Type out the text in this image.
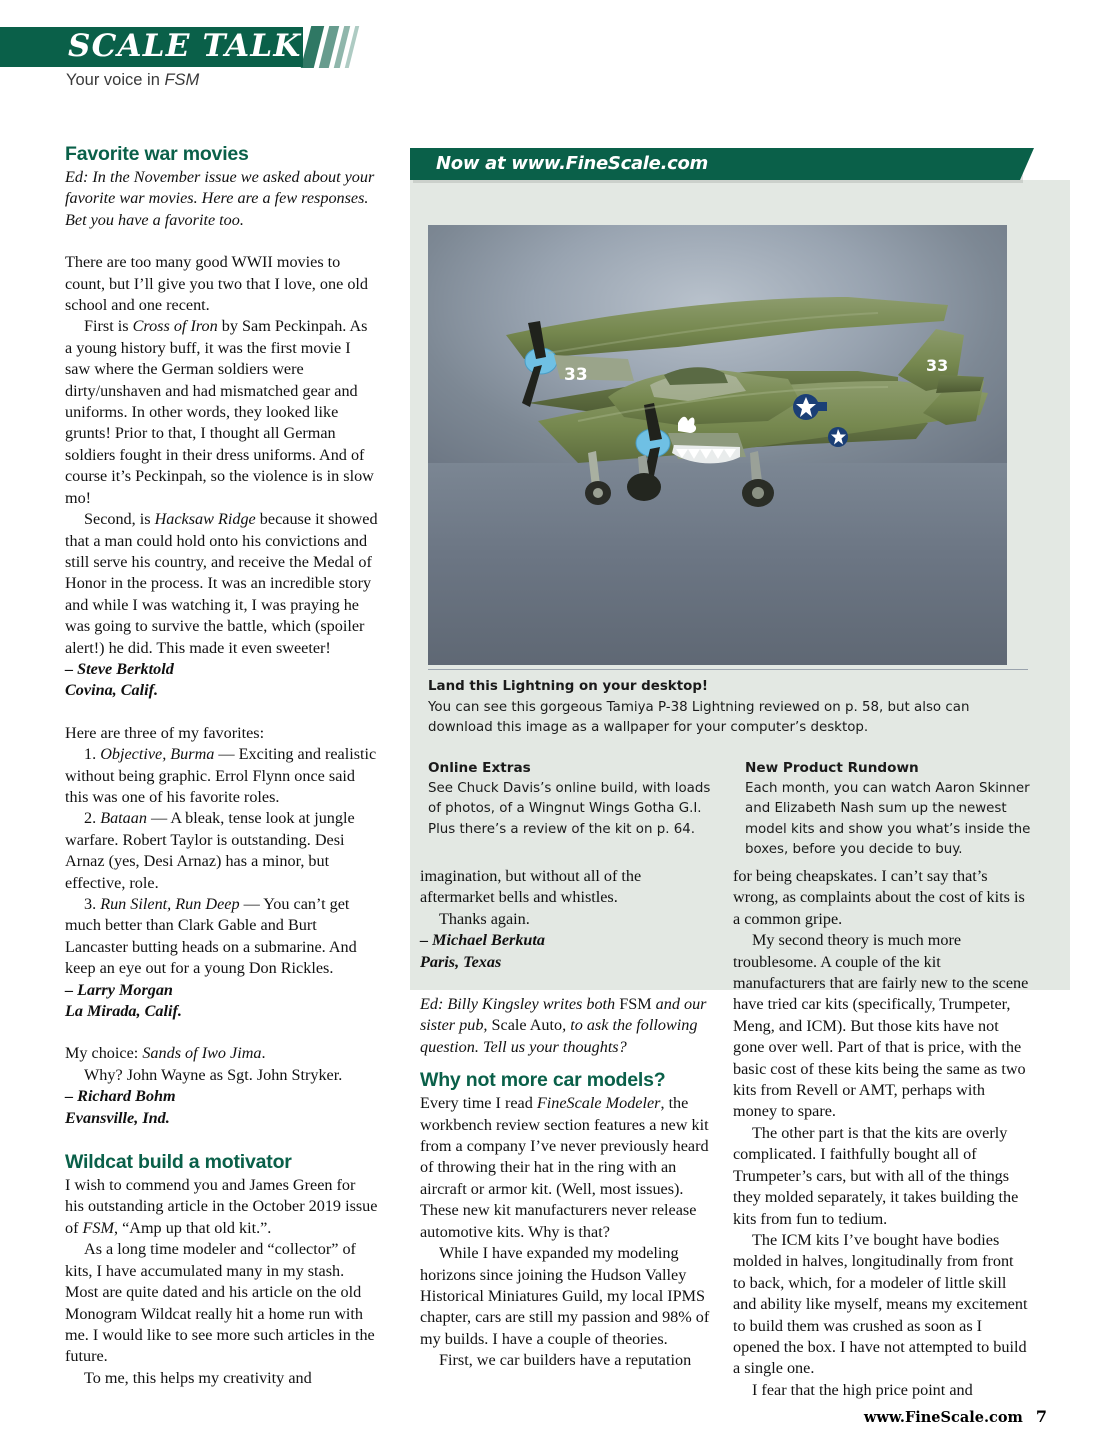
SCALE TALK
Your voice in FSM
Favorite war movies

Ed: In the November issue we asked about your favorite war movies. Here are a few responses. Bet you have a favorite too.

There are too many good WWII movies to count, but I’ll give you two that I love, one old school and one recent.

First is Cross of Iron by Sam Peckinpah. As a young history buff, it was the first movie I saw where the German soldiers were dirty/unshaven and had mismatched gear and uniforms. In other words, they looked like grunts! Prior to that, I thought all German soldiers fought in their dress uniforms. And of course it’s Peckinpah, so the violence is in slow mo!

Second, is Hacksaw Ridge because it showed that a man could hold onto his convictions and still serve his country, and receive the Medal of Honor in the process. It was an incredible story and while I was watching it, I was praying he was going to survive the battle, which (spoiler alert!) he did. This made it even sweeter!

– Steve Berktold

Covina, Calif.

Here are three of my favorites:

1. Objective, Burma — Exciting and realistic without being graphic. Errol Flynn once said this was one of his favorite roles.

2. Bataan — A bleak, tense look at jungle warfare. Robert Taylor is outstanding. Desi Arnaz (yes, Desi Arnaz) has a minor, but effective, role.

3. Run Silent, Run Deep — You can’t get much better than Clark Gable and Burt Lancaster butting heads on a submarine. And keep an eye out for a young Don Rickles.

– Larry Morgan

La Mirada, Calif.

My choice: Sands of Iwo Jima.

Why? John Wayne as Sgt. John Stryker.

– Richard Bohm

Evansville, Ind.

Wildcat build a motivator

I wish to commend you and James Green for his outstanding article in the October 2019 issue of FSM, “Amp up that old kit.”.

As a long time modeler and “collector” of kits, I have accumulated many in my stash. Most are quite dated and his article on the old Monogram Wildcat really hit a home run with me. I would like to see more such articles in the future.

To me, this helps my creativity and

33
33
Land this Lightning on your desktop!
You can see this gorgeous Tamiya P-38 Lightning reviewed on p. 58, but also can download this image as a wallpaper for your computer’s desktop.
Online Extras
See Chuck Davis’s online build, with loads of photos, of a Wingnut Wings Gotha G.I. Plus there’s a review of the kit on p. 64.
New Product Rundown
Each month, you can watch Aaron Skinner and Elizabeth Nash sum up the newest model kits and show you what’s inside the boxes, before you decide to buy.
Now at www.FineScale.com

imagination, but without all of the aftermarket bells and whistles.

Thanks again.

– Michael Berkuta

Paris, Texas

Ed: Billy Kingsley writes both FSM and our sister pub, Scale Auto, to ask the following question. Tell us your thoughts?

Why not more car models?

Every time I read FineScale Modeler, the workbench review section features a new kit from a company I’ve never previously heard of throwing their hat in the ring with an aircraft or armor kit. (Well, most issues). These new kit manufacturers never release automotive kits. Why is that?

While I have expanded my modeling horizons since joining the Hudson Valley Historical Miniatures Guild, my local IPMS chapter, cars are still my passion and 98% of my builds. I have a couple of theories.

First, we car builders have a reputation

for being cheapskates. I can’t say that’s wrong, as complaints about the cost of kits is a common gripe.

My second theory is much more troublesome. A couple of the kit manufacturers that are fairly new to the scene have tried car kits (specifically, Trumpeter, Meng, and ICM). But those kits have not gone over well. Part of that is price, with the basic cost of these kits being the same as two kits from Revell or AMT, perhaps with money to spare.

The other part is that the kits are overly complicated. I faithfully bought all of Trumpeter’s cars, but with all of the things they molded separately, it takes building the kits from fun to tedium.

The ICM kits I’ve bought have bodies molded in halves, longitudinally from front to back, which, for a modeler of little skill and ability like myself, means my excitement to build them was crushed as soon as I opened the box. I have not attempted to build a single one.

I fear that the high price point and

www.FineScale.com 7
